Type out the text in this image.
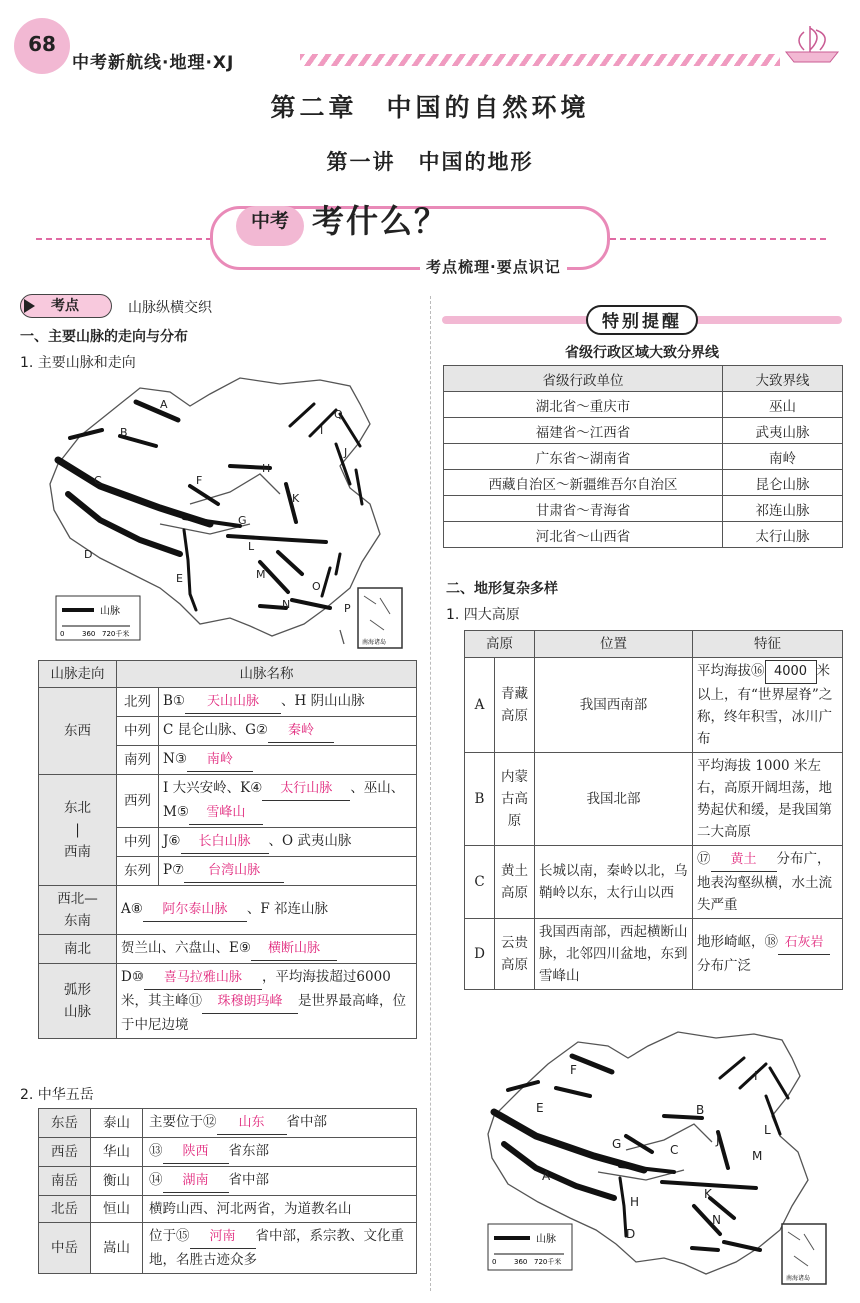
68
中考新航线·地理·XJ
第二章　中国的自然环境
第一讲　中国的地形
中考 考什么？
考点梳理·要点识记
考点	山脉纵横交织
一、主要山脉的走向与分布
1. 主要山脉和走向
A
B
C
D
E
F
G
H
I
J
K
L
M
N
O
P
Q
山脉
0	360 720千米
南海诸岛
山脉走向	山脉名称	
东西	北列	B① 天山山脉 、H 阴山山脉
	中列	C 昆仑山脉、G② 秦岭
	南列	N③ 南岭

东北
|
西南	西列	I 大兴安岭、K④ 太行山脉 、巫山、M⑤ 雪峰山
	中列	J⑥ 长白山脉 、O 武夷山脉
	东列	P⑦ 台湾山脉

西北—
东南	A⑧ 阿尔泰山脉 、F 祁连山脉	
南北	贺兰山、六盘山、E⑨ 横断山脉	

弧形
山脉	D⑩ 喜马拉雅山脉 ，平均海拔超过6000 米，其主峰⑪ 珠穆朗玛峰 是世界最高峰，位于中尼边境	
2. 中华五岳
东岳	泰山	主要位于⑫ 山东 省中部
西岳	华山	⑬ 陕西 省东部
南岳	衡山	⑭ 湖南 省中部
北岳	恒山	横跨山西、河北两省，为道教名山
中岳	嵩山	位于⑮ 河南 省中部，系宗教、文化重地，名胜古迹众多
特别提醒
省级行政区域大致分界线
省级行政单位	大致界线
湖北省～重庆市	巫山
福建省～江西省	武夷山脉
广东省～湖南省	南岭
西藏自治区～新疆维吾尔自治区	昆仑山脉
甘肃省～青海省	祁连山脉
河北省～山西省	太行山脉
二、地形复杂多样
1. 四大高原
高原		位置	特征
A	青藏高原	我国西南部	平均海拔⑯ 4000 米以上，有“世界屋脊”之称，终年积雪，冰川广布
B	内蒙古高原	我国北部	平均海拔 1000 米左右，高原开阔坦荡，地势起伏和缓，是我国第二大高原
C	黄土高原	长城以南，秦岭以北，乌鞘岭以东，太行山以西	⑰ 黄土 分布广，地表沟壑纵横，水土流失严重
D	云贵高原	我国西南部，西起横断山脉，北邻四川盆地，东到雪峰山	地形崎岖，⑱ 石灰岩分布广泛
A
B
C
D
E
F
G
H
I
J
K
L
M
N
山脉
0	360 720千米
南海诸岛
